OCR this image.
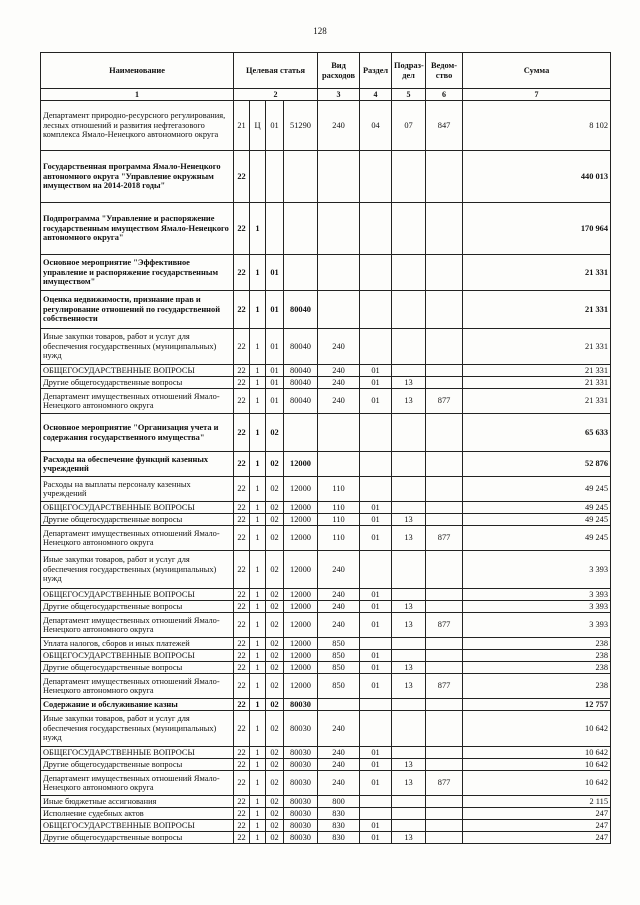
128
Наименование	Целевая статья				Вид расходов	Раздел	Подраз-дел	Ведом-ство	Сумма
1	2				3	4	5	6	7
Департамент природно-ресурсного регулирования, лесных отношений и развития нефтегазового комплекса Ямало-Ненецкого автономного округа	21	Ц	01	51290	240	04	07	847	8 102
Государственная программа Ямало-Ненецкого автономного округа "Управление окружным имуществом на 2014-2018 годы"	22								440 013
Подпрограмма "Управление и распоряжение государственным имуществом Ямало-Ненецкого автономного округа"	22	1							170 964
Основное мероприятие "Эффективное управление и распоряжение государственным имуществом"	22	1	01						21 331
Оценка недвижимости, признание прав и регулирование отношений по государственной собственности	22	1	01	80040					21 331
Иные закупки товаров, работ и услуг для обеспечения государственных (муниципальных) нужд	22	1	01	80040	240				21 331
ОБЩЕГОСУДАРСТВЕННЫЕ ВОПРОСЫ	22	1	01	80040	240	01			21 331
Другие общегосударственные вопросы	22	1	01	80040	240	01	13		21 331
Департамент имущественных отношений Ямало-Ненецкого автономного округа	22	1	01	80040	240	01	13	877	21 331
Основное мероприятие "Организация учета и содержания государственного имущества"	22	1	02						65 633
Расходы на обеспечение функций казенных учреждений	22	1	02	12000					52 876
Расходы на выплаты персоналу казенных учреждений	22	1	02	12000	110				49 245
ОБЩЕГОСУДАРСТВЕННЫЕ ВОПРОСЫ	22	1	02	12000	110	01			49 245
Другие общегосударственные вопросы	22	1	02	12000	110	01	13		49 245
Департамент имущественных отношений Ямало-Ненецкого автономного округа	22	1	02	12000	110	01	13	877	49 245
Иные закупки товаров, работ и услуг для обеспечения государственных (муниципальных) нужд	22	1	02	12000	240				3 393
ОБЩЕГОСУДАРСТВЕННЫЕ ВОПРОСЫ	22	1	02	12000	240	01			3 393
Другие общегосударственные вопросы	22	1	02	12000	240	01	13		3 393
Департамент имущественных отношений Ямало-Ненецкого автономного округа	22	1	02	12000	240	01	13	877	3 393
Уплата налогов, сборов и иных платежей	22	1	02	12000	850				238
ОБЩЕГОСУДАРСТВЕННЫЕ ВОПРОСЫ	22	1	02	12000	850	01			238
Другие общегосударственные вопросы	22	1	02	12000	850	01	13		238
Департамент имущественных отношений Ямало-Ненецкого автономного округа	22	1	02	12000	850	01	13	877	238
Содержание и обслуживание казны	22	1	02	80030					12 757
Иные закупки товаров, работ и услуг для обеспечения государственных (муниципальных) нужд	22	1	02	80030	240				10 642
ОБЩЕГОСУДАРСТВЕННЫЕ ВОПРОСЫ	22	1	02	80030	240	01			10 642
Другие общегосударственные вопросы	22	1	02	80030	240	01	13		10 642
Департамент имущественных отношений Ямало-Ненецкого автономного округа	22	1	02	80030	240	01	13	877	10 642
Иные бюджетные ассигнования	22	1	02	80030	800				2 115
Исполнение судебных актов	22	1	02	80030	830				247
ОБЩЕГОСУДАРСТВЕННЫЕ ВОПРОСЫ	22	1	02	80030	830	01			247
Другие общегосударственные вопросы	22	1	02	80030	830	01	13		247
